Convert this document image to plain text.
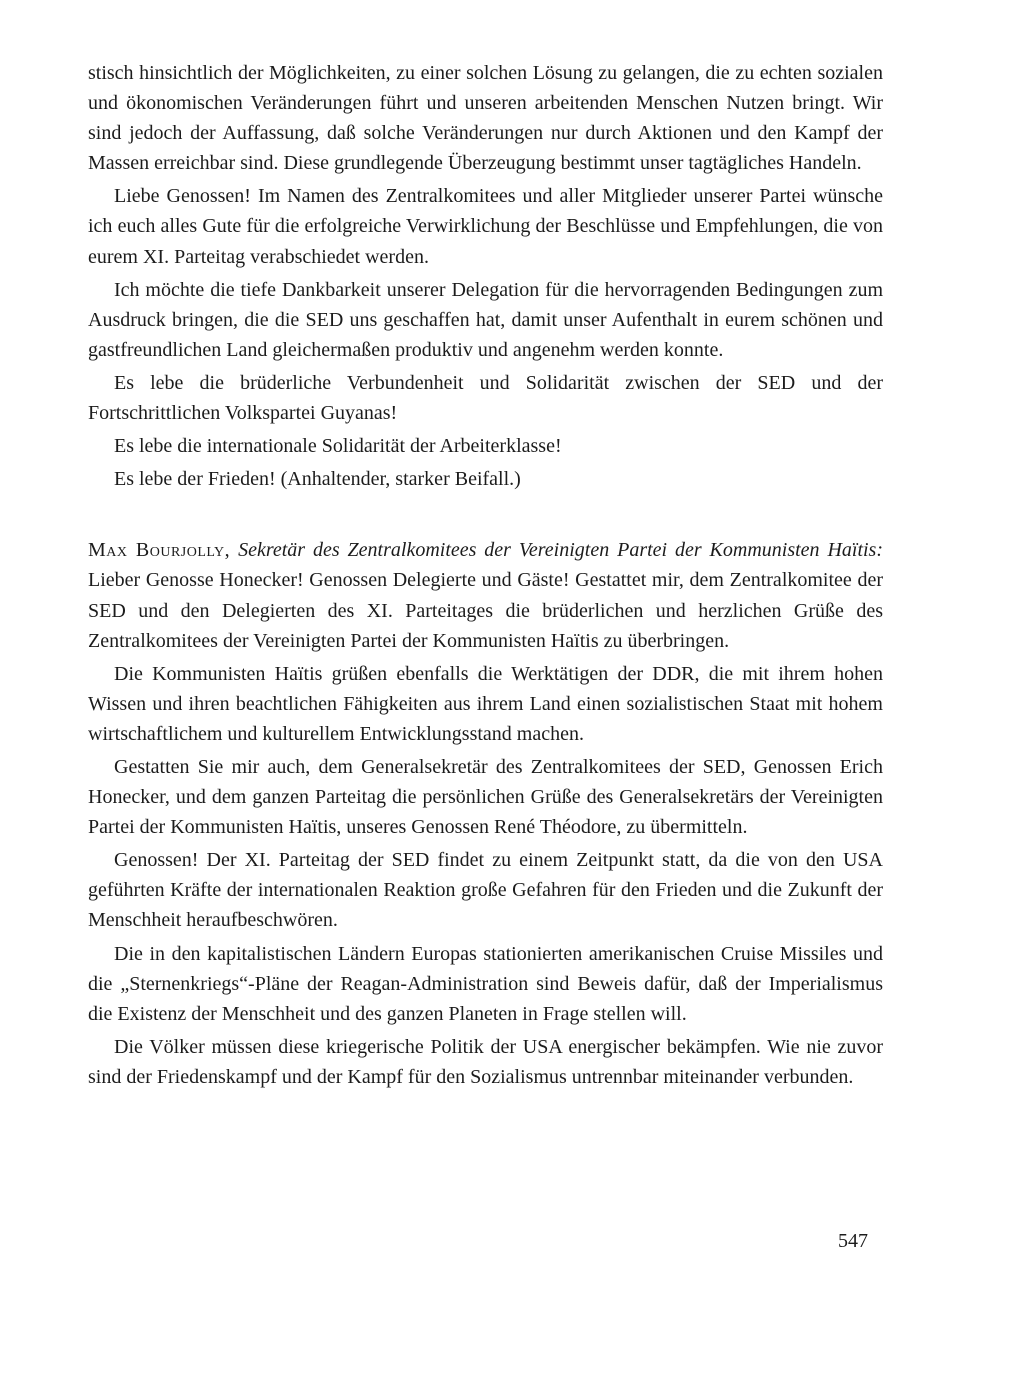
stisch hinsichtlich der Möglichkeiten, zu einer solchen Lösung zu gelangen, die zu echten sozialen und ökonomischen Veränderungen führt und unseren arbeitenden Menschen Nutzen bringt. Wir sind jedoch der Auffassung, daß solche Veränderungen nur durch Aktionen und den Kampf der Massen erreichbar sind. Diese grundlegende Überzeugung bestimmt unser tagtägliches Handeln.

Liebe Genossen! Im Namen des Zentralkomitees und aller Mitglieder unserer Partei wünsche ich euch alles Gute für die erfolgreiche Verwirklichung der Beschlüsse und Empfehlungen, die von eurem XI. Parteitag verabschiedet werden.

Ich möchte die tiefe Dankbarkeit unserer Delegation für die hervorragenden Bedingungen zum Ausdruck bringen, die die SED uns geschaffen hat, damit unser Aufenthalt in eurem schönen und gastfreundlichen Land gleichermaßen produktiv und angenehm werden konnte.

Es lebe die brüderliche Verbundenheit und Solidarität zwischen der SED und der Fortschrittlichen Volkspartei Guyanas!

Es lebe die internationale Solidarität der Arbeiterklasse!

Es lebe der Frieden! (Anhaltender, starker Beifall.)

Max Bourjolly, Sekretär des Zentralkomitees der Vereinigten Partei der Kommunisten Haïtis: Lieber Genosse Honecker! Genossen Delegierte und Gäste! Gestattet mir, dem Zentralkomitee der SED und den Delegierten des XI. Parteitages die brüderlichen und herzlichen Grüße des Zentralkomitees der Vereinigten Partei der Kommunisten Haïtis zu überbringen.

Die Kommunisten Haïtis grüßen ebenfalls die Werktätigen der DDR, die mit ihrem hohen Wissen und ihren beachtlichen Fähigkeiten aus ihrem Land einen sozialistischen Staat mit hohem wirtschaftlichem und kulturellem Entwicklungsstand machen.

Gestatten Sie mir auch, dem Generalsekretär des Zentralkomitees der SED, Genossen Erich Honecker, und dem ganzen Parteitag die persönlichen Grüße des Generalsekretärs der Vereinigten Partei der Kommunisten Haïtis, unseres Genossen René Théodore, zu übermitteln.

Genossen! Der XI. Parteitag der SED findet zu einem Zeitpunkt statt, da die von den USA geführten Kräfte der internationalen Reaktion große Gefahren für den Frieden und die Zukunft der Menschheit heraufbeschwören.

Die in den kapitalistischen Ländern Europas stationierten amerikanischen Cruise Missiles und die „Sternenkriegs“-Pläne der Reagan-Administration sind Beweis dafür, daß der Imperialismus die Existenz der Menschheit und des ganzen Planeten in Frage stellen will.

Die Völker müssen diese kriegerische Politik der USA energischer bekämpfen. Wie nie zuvor sind der Friedenskampf und der Kampf für den Sozialismus untrennbar miteinander verbunden.

547
